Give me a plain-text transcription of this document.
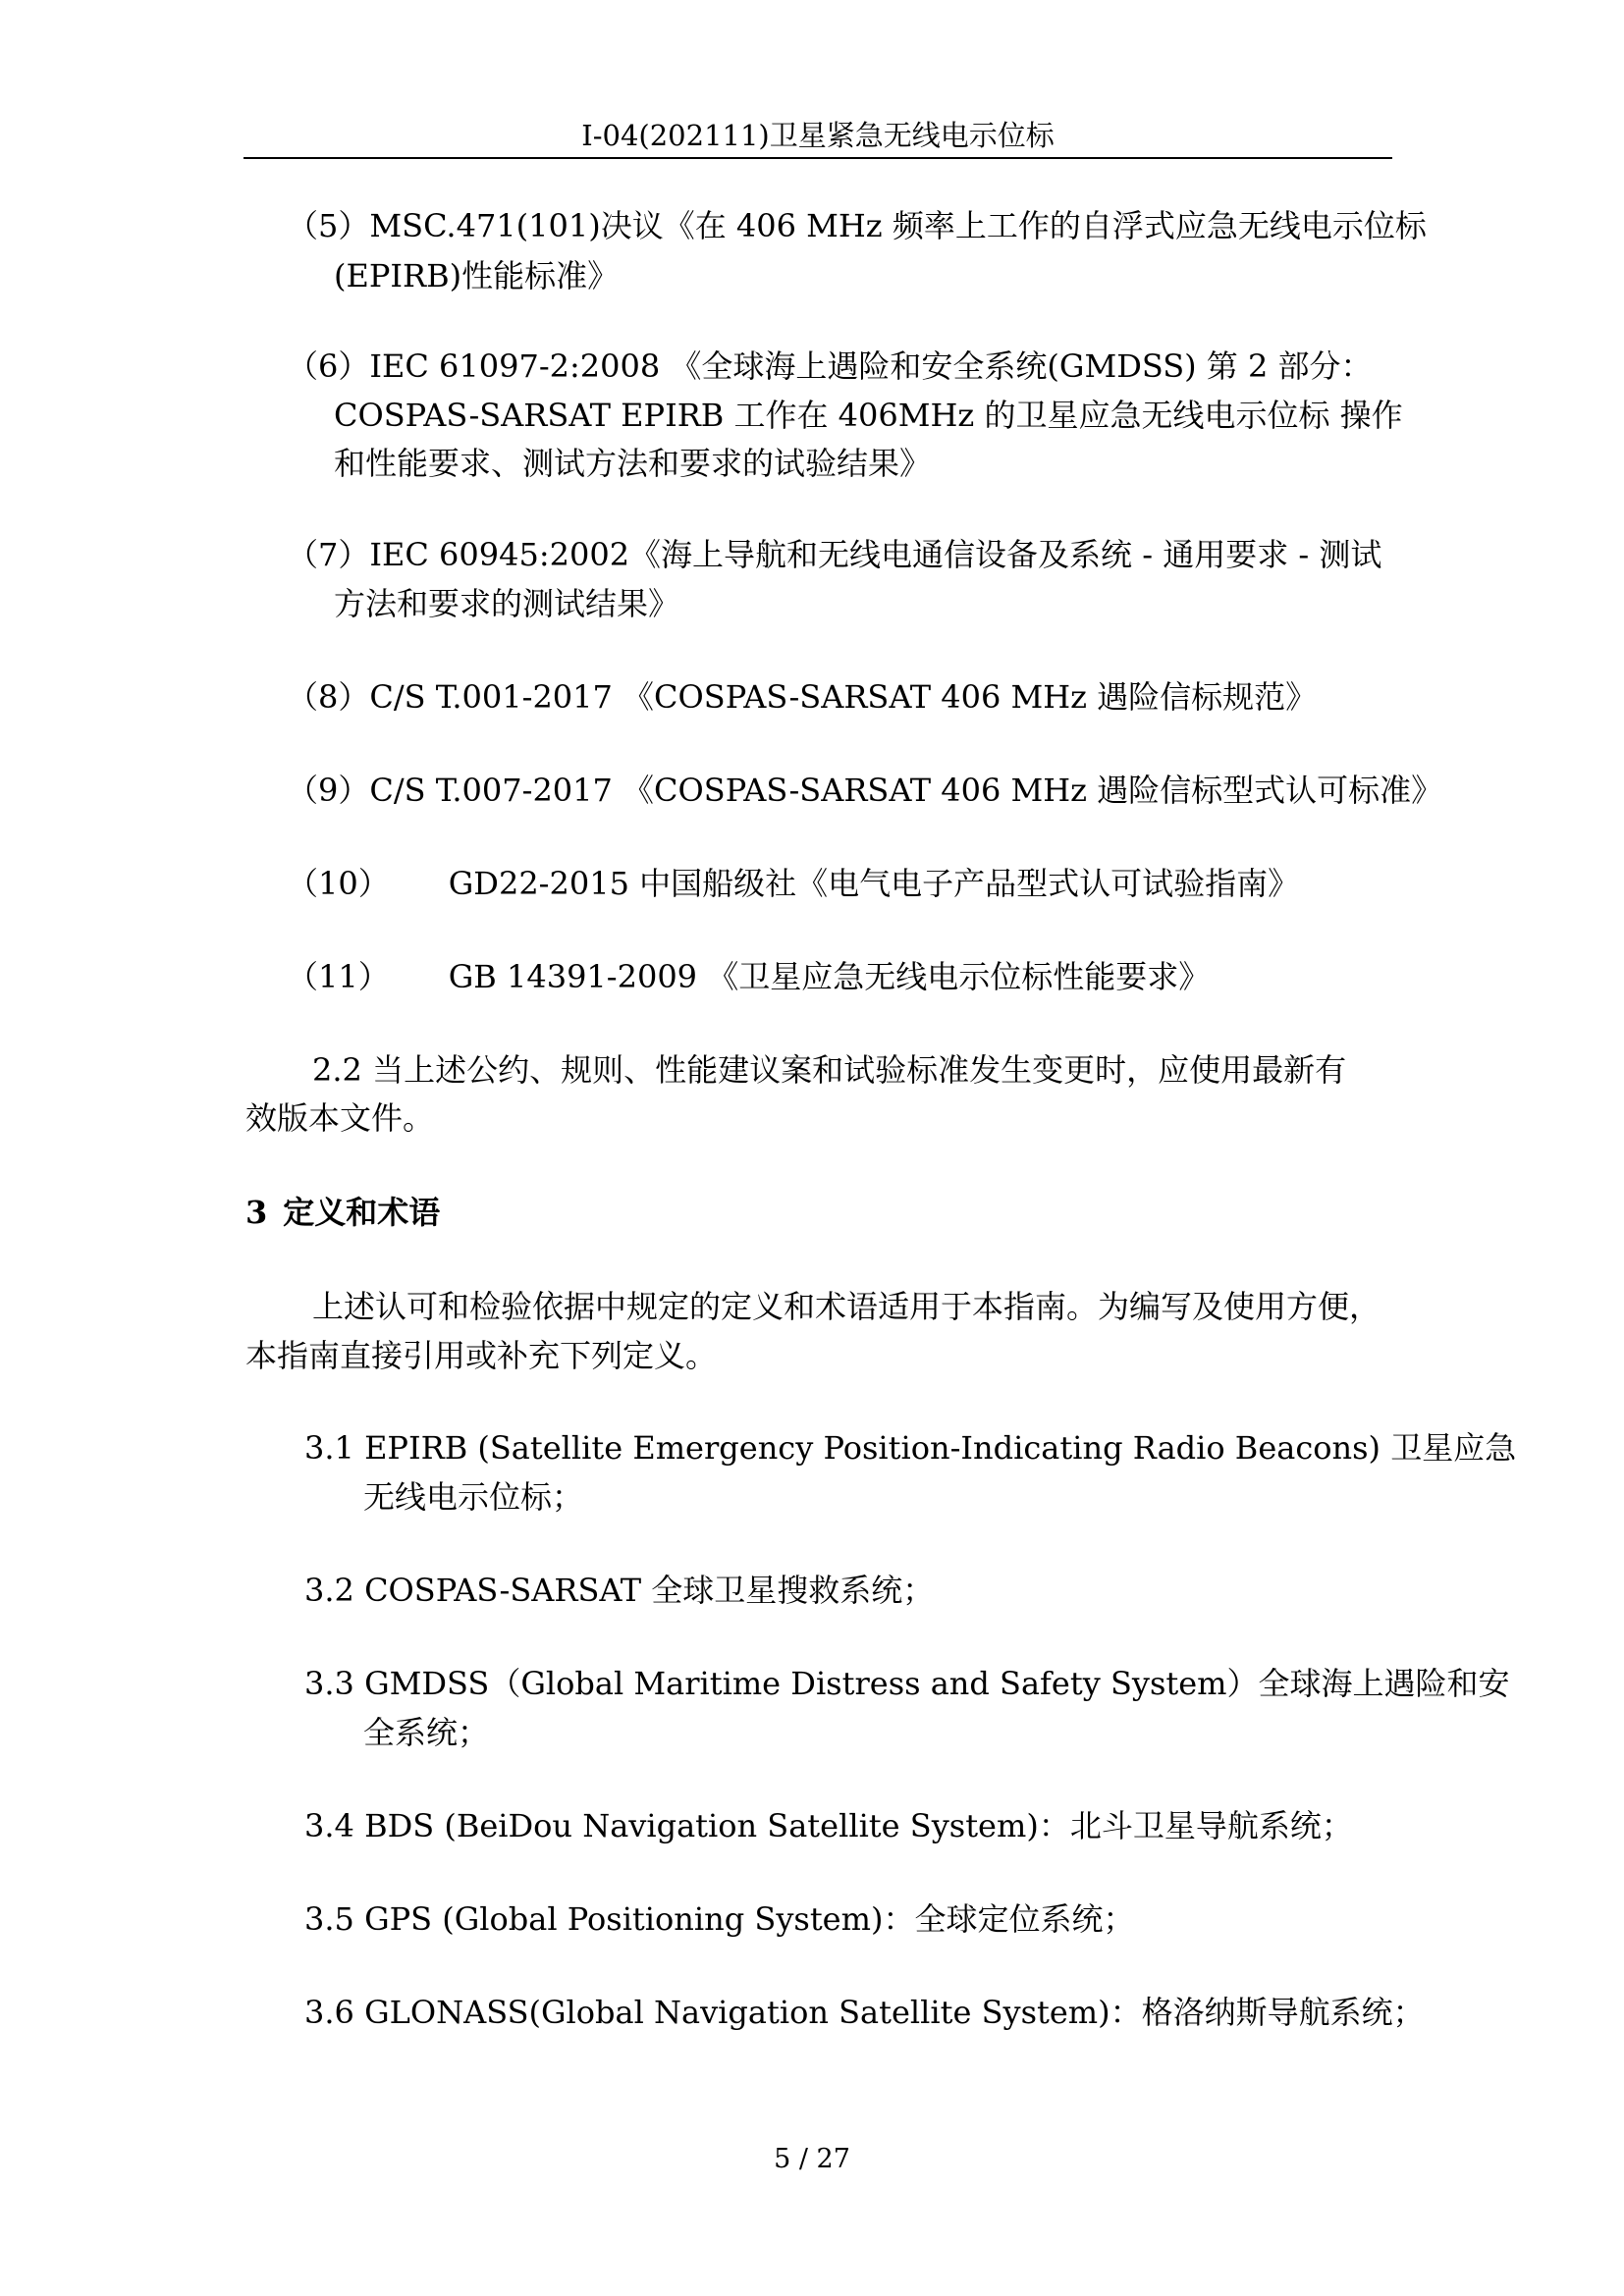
I-04(202111)卫星紧急无线电示位标
（5）MSC.471(101)决议《在 406 MHz 频率上工作的自浮式应急无线电示位标
(EPIRB)性能标准》
（6）IEC 61097-2:2008 《全球海上遇险和安全系统(GMDSS) 第 2 部分：
COSPAS-SARSAT EPIRB 工作在 406MHz 的卫星应急无线电示位标 操作
和性能要求、测试方法和要求的试验结果》
（7）IEC 60945:2002《海上导航和无线电通信设备及系统 - 通用要求 - 测试
方法和要求的测试结果》
（8）C/S T.001-2017 《COSPAS-SARSAT 406 MHz 遇险信标规范》
（9）C/S T.007-2017 《COSPAS-SARSAT 406 MHz 遇险信标型式认可标准》
（10） GD22-2015 中国船级社《电气电子产品型式认可试验指南》
（11） GB 14391-2009 《卫星应急无线电示位标性能要求》
2.2 当上述公约、规则、性能建议案和试验标准发生变更时，应使用最新有
效版本文件。
3 定义和术语
上述认可和检验依据中规定的定义和术语适用于本指南。为编写及使用方便，
本指南直接引用或补充下列定义。
3.1 EPIRB (Satellite Emergency Position-Indicating Radio Beacons) 卫星应急
无线电示位标；
3.2 COSPAS-SARSAT 全球卫星搜救系统；
3.3 GMDSS（Global Maritime Distress and Safety System）全球海上遇险和安
全系统；
3.4 BDS (BeiDou Navigation Satellite System)：北斗卫星导航系统；
3.5 GPS (Global Positioning System)：全球定位系统；
3.6 GLONASS(Global Navigation Satellite System)：格洛纳斯导航系统；
5 / 27
